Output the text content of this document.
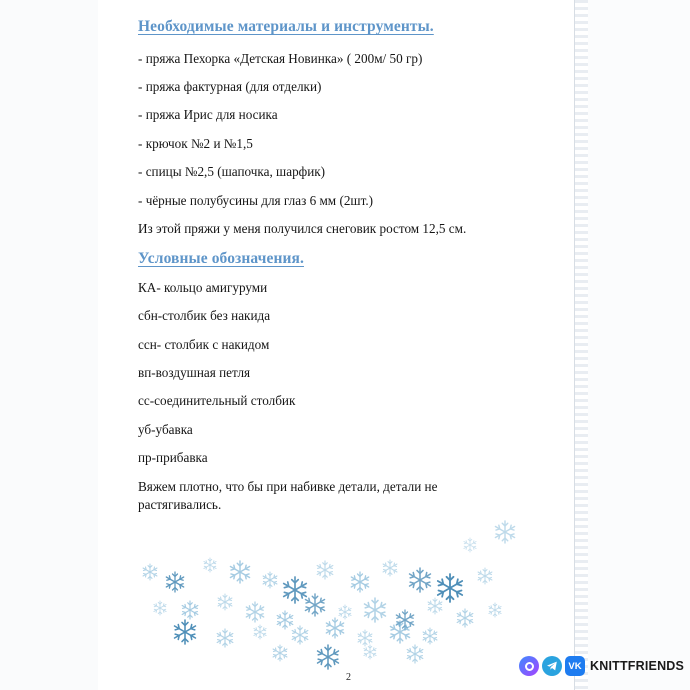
Необходимые материалы и инструменты.
- пряжа Пехорка «Детская Новинка» ( 200м/ 50 гр)
- пряжа фактурная (для отделки)
- пряжа Ирис для носика
- крючок №2 и №1,5
- спицы №2,5 (шапочка, шарфик)
- чёрные полубусины для глаз 6 мм (2шт.)
Из этой пряжи у меня получился снеговик ростом 12,5 см.
Условные обозначения.
КА- кольцо амигуруми
сбн-столбик без накида
ссн- столбик с накидом
вп-воздушная петля
сс-соединительный столбик
уб-убавка
пр-прибавка
Вяжем плотно, что бы при набивке детали, детали не
растягивались.
2
VK KNITTFRIENDS
